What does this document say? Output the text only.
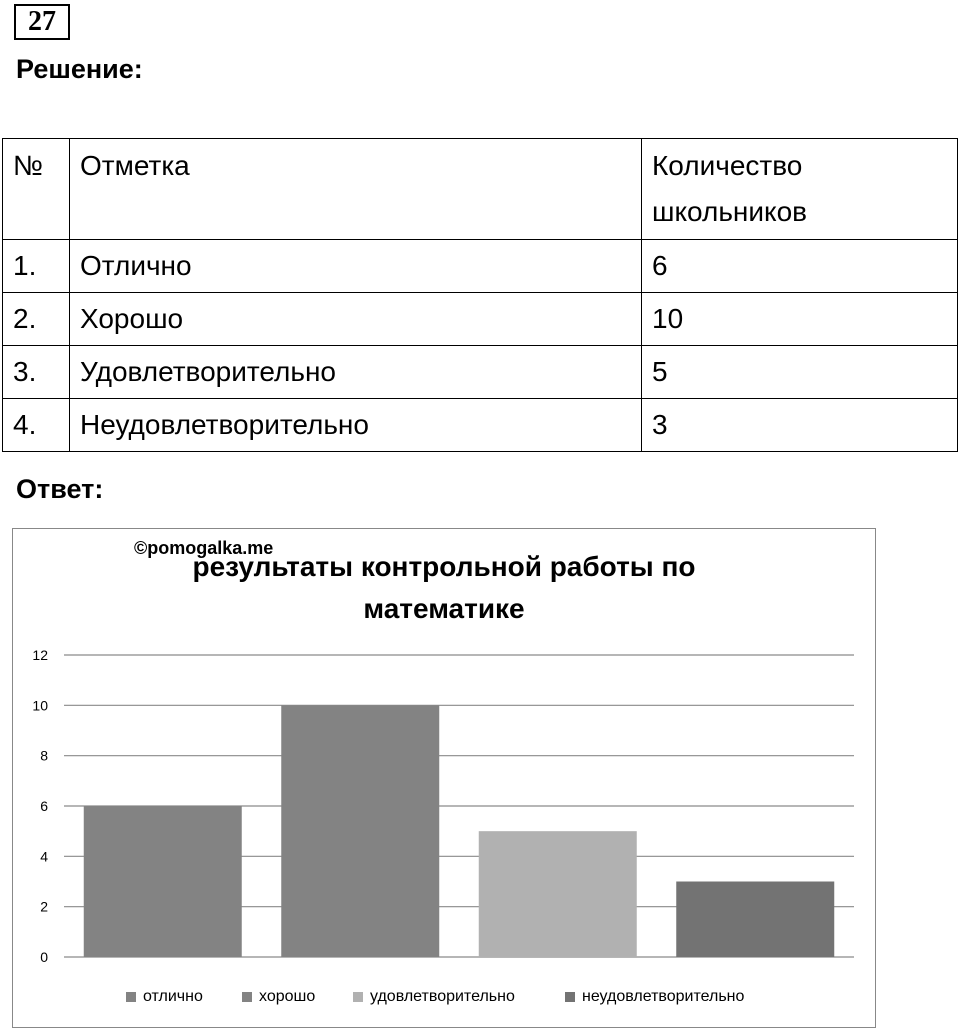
27
Решение:
№	Отметка	Количество школьников
1.	Отлично	6
2.	Хорошо	10
3.	Удовлетворительно	5
4.	Неудовлетворительно	3
Ответ:
0
2
4
6
8
10
12
отлично	хорошо	удовлетворительно	неудовлетворительно
результаты контрольной работы по математике
©pomogalka.me
